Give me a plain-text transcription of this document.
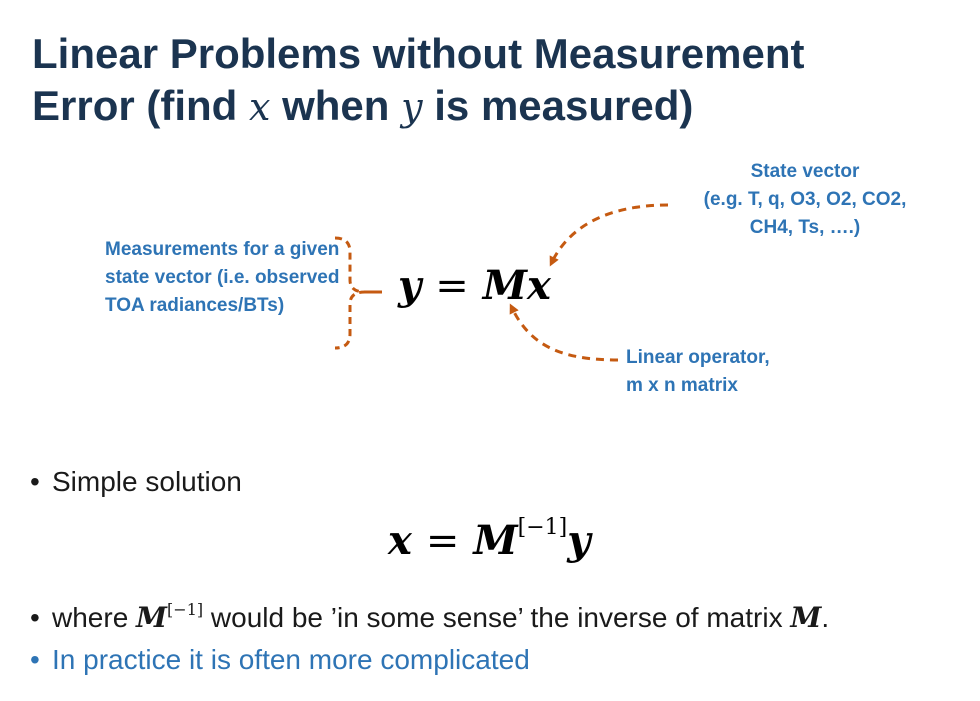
Linear Problems without Measurement
Error (find x when y is measured)
Measurements for a given state vector (i.e. observed TOA radiances/BTs)
State vector
(e.g. T, q, O3, O2, CO2,
CH4, Ts, ….)
Linear operator,
m x n matrix
y = Mx
• Simple solution
x = M[−1]y
• where M[−1] would be ’in some sense’ the inverse of matrix M.
• In practice it is often more complicated
